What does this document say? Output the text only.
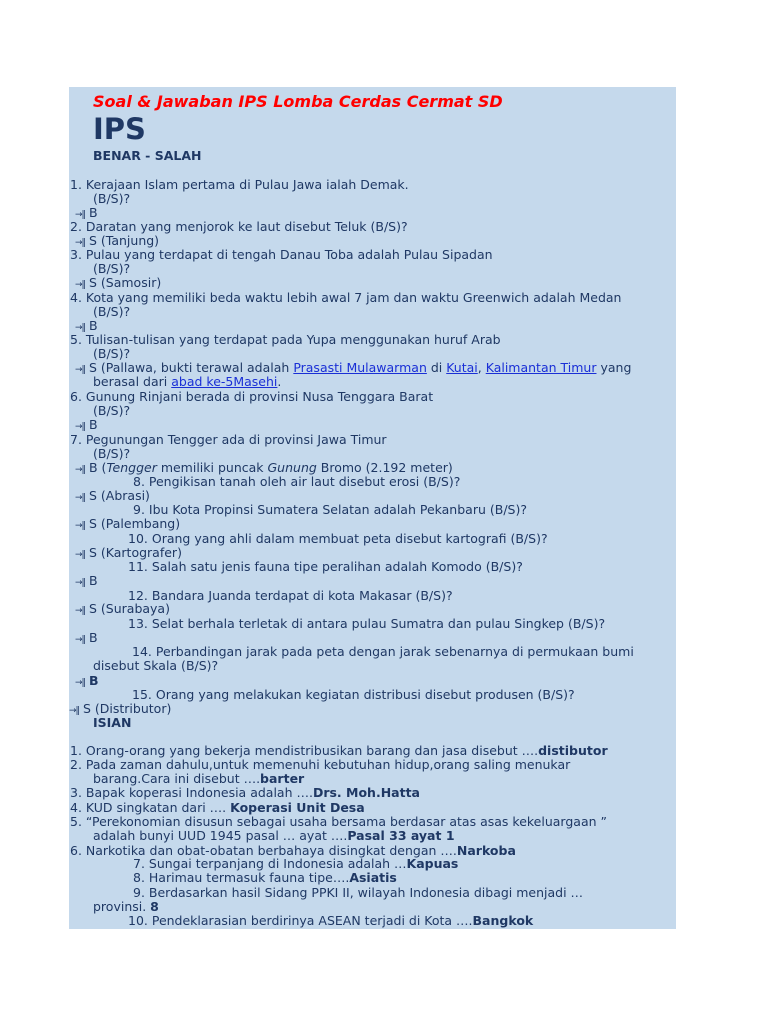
Soal & Jawaban IPS Lomba Cerdas Cermat SD
IPS
BENAR - SALAH
1. Kerajaan Islam pertama di Pulau Jawa ialah Demak.
(B/S)?
→‖ B
2. Daratan yang menjorok ke laut disebut Teluk (B/S)?
→‖ S (Tanjung)
3. Pulau yang terdapat di tengah Danau Toba adalah Pulau Sipadan
(B/S)?
→‖ S (Samosir)
4. Kota yang memiliki beda waktu lebih awal 7 jam dan waktu Greenwich adalah Medan
(B/S)?
→‖ B
5. Tulisan-tulisan yang terdapat pada Yupa menggunakan huruf Arab
(B/S)?
→‖ S (Pallawa, bukti terawal adalah Prasasti Mulawarman di Kutai, Kalimantan Timur yang
berasal dari abad ke-5Masehi.
6. Gunung Rinjani berada di provinsi Nusa Tenggara Barat
(B/S)?
→‖ B
7. Pegunungan Tengger ada di provinsi Jawa Timur
(B/S)?
→‖ B (Tengger memiliki puncak Gunung Bromo (2.192 meter)
8. Pengikisan tanah oleh air laut disebut erosi (B/S)?
→‖ S (Abrasi)
9. Ibu Kota Propinsi Sumatera Selatan adalah Pekanbaru (B/S)?
→‖ S (Palembang)
10. Orang yang ahli dalam membuat peta disebut kartografi (B/S)?
→‖ S (Kartografer)
11. Salah satu jenis fauna tipe peralihan adalah Komodo (B/S)?
→‖ B
12. Bandara Juanda terdapat di kota Makasar (B/S)?
→‖ S (Surabaya)
13. Selat berhala terletak di antara pulau Sumatra dan pulau Singkep (B/S)?
→‖ B
14. Perbandingan jarak pada peta dengan jarak sebenarnya di permukaan bumi
disebut Skala (B/S)?
→‖ B
15. Orang yang melakukan kegiatan distribusi disebut produsen (B/S)?
→‖ S (Distributor)
ISIAN
1. Orang-orang yang bekerja mendistribusikan barang dan jasa disebut ….distibutor
2. Pada zaman dahulu,untuk memenuhi kebutuhan hidup,orang saling menukar
barang.Cara ini disebut ….barter
3. Bapak koperasi Indonesia adalah ….Drs. Moh.Hatta
4. KUD singkatan dari …. Koperasi Unit Desa
5. “Perekonomian disusun sebagai usaha bersama berdasar atas asas kekeluargaan ”
adalah bunyi UUD 1945 pasal … ayat ….Pasal 33 ayat 1
6. Narkotika dan obat-obatan berbahaya disingkat dengan ….Narkoba
7. Sungai terpanjang di Indonesia adalah …Kapuas
8. Harimau termasuk fauna tipe….Asiatis
9. Berdasarkan hasil Sidang PPKI II, wilayah Indonesia dibagi menjadi …
provinsi. 8
10. Pendeklarasian berdirinya ASEAN terjadi di Kota ….Bangkok
